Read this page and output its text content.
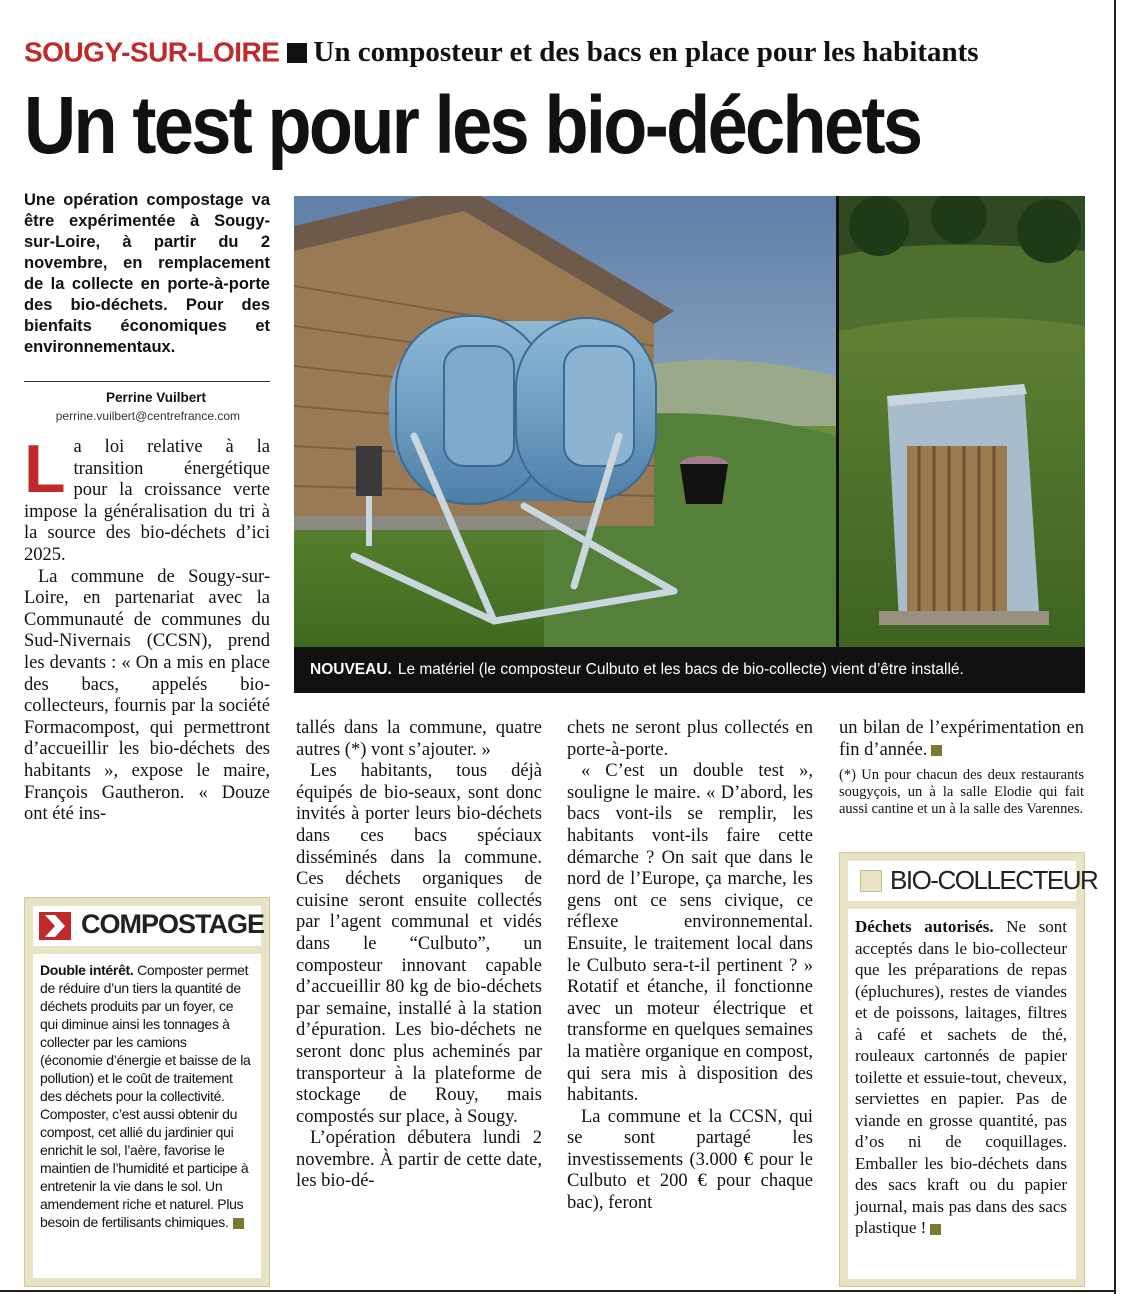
SOUGY-SUR-LOIRE Un composteur et des bacs en place pour les habitants
Un test pour les bio-déchets
Une opération compostage va être expérimentée à Sougy-sur-Loire, à partir du 2 novembre, en remplacement de la collecte en porte-à-porte des bio-déchets. Pour des bienfaits économiques et environnementaux.
Perrine Vuilbert
perrine.vuilbert@centrefrance.com
L a loi relative à la transition énergétique pour la croissance verte impose la généralisation du tri à la source des bio-déchets d’ici 2025.

La commune de Sougy-sur-Loire, en partenariat avec la Communauté de communes du Sud-Nivernais (CCSN), prend les devants : « On a mis en place des bacs, appelés bio-collecteurs, fournis par la société Formacompost, qui permettront d’accueillir les bio-déchets des habitants », expose le maire, François Gautheron. « Douze ont été ins-

NOUVEAU. Le matériel (le composteur Culbuto et les bacs de bio-collecte) vient d’être installé.

tallés dans la commune, quatre autres (*) vont s’ajouter. »

Les habitants, tous déjà équipés de bio-seaux, sont donc invités à porter leurs bio-déchets dans ces bacs spéciaux disséminés dans la commune. Ces déchets organiques de cuisine seront ensuite collectés par l’agent communal et vidés dans le “Culbuto”, un composteur innovant capable d’accueillir 80 kg de bio-déchets par semaine, installé à la station d’épuration. Les bio-déchets ne seront donc plus acheminés par transporteur à la plateforme de stockage de Rouy, mais compostés sur place, à Sougy.

L’opération débutera lundi 2 novembre. À partir de cette date, les bio-dé-

chets ne seront plus collectés en porte-à-porte.

« C’est un double test », souligne le maire. « D’abord, les bacs vont-ils se remplir, les habitants vont-ils faire cette démarche ? On sait que dans le nord de l’Europe, ça marche, les gens ont ce sens civique, ce réflexe environnemental. Ensuite, le traitement local dans le Culbuto sera-t-il pertinent ? » Rotatif et étanche, il fonctionne avec un moteur électrique et transforme en quelques semaines la matière organique en compost, qui sera mis à disposition des habitants.

La commune et la CCSN, qui se sont partagé les investissements (3.000 € pour le Culbuto et 200 € pour chaque bac), feront

un bilan de l’expérimentation en fin d’année.

(*) Un pour chacun des deux restaurants sougyçois, un à la salle Elodie qui fait aussi cantine et un à la salle des Varennes.
COMPOSTAGE
Double intérêt. Composter permet de réduire d’un tiers la quantité de déchets produits par un foyer, ce qui diminue ainsi les tonnages à collecter par les camions (économie d’énergie et baisse de la pollution) et le coût de traitement des déchets pour la collectivité. Composter, c’est aussi obtenir du compost, cet allié du jardinier qui enrichit le sol, l’aère, favorise le maintien de l’humidité et participe à entretenir la vie dans le sol. Un amendement riche et naturel. Plus besoin de fertilisants chimiques.
BIO-COLLECTEUR
Déchets autorisés. Ne sont acceptés dans le bio-collecteur que les préparations de repas (épluchures), restes de viandes et de poissons, laitages, filtres à café et sachets de thé, rouleaux cartonnés de papier toilette et essuie-tout, cheveux, serviettes en papier. Pas de viande en grosse quantité, pas d’os ni de coquillages. Emballer les bio-déchets dans des sacs kraft ou du papier journal, mais pas dans des sacs plastique !
